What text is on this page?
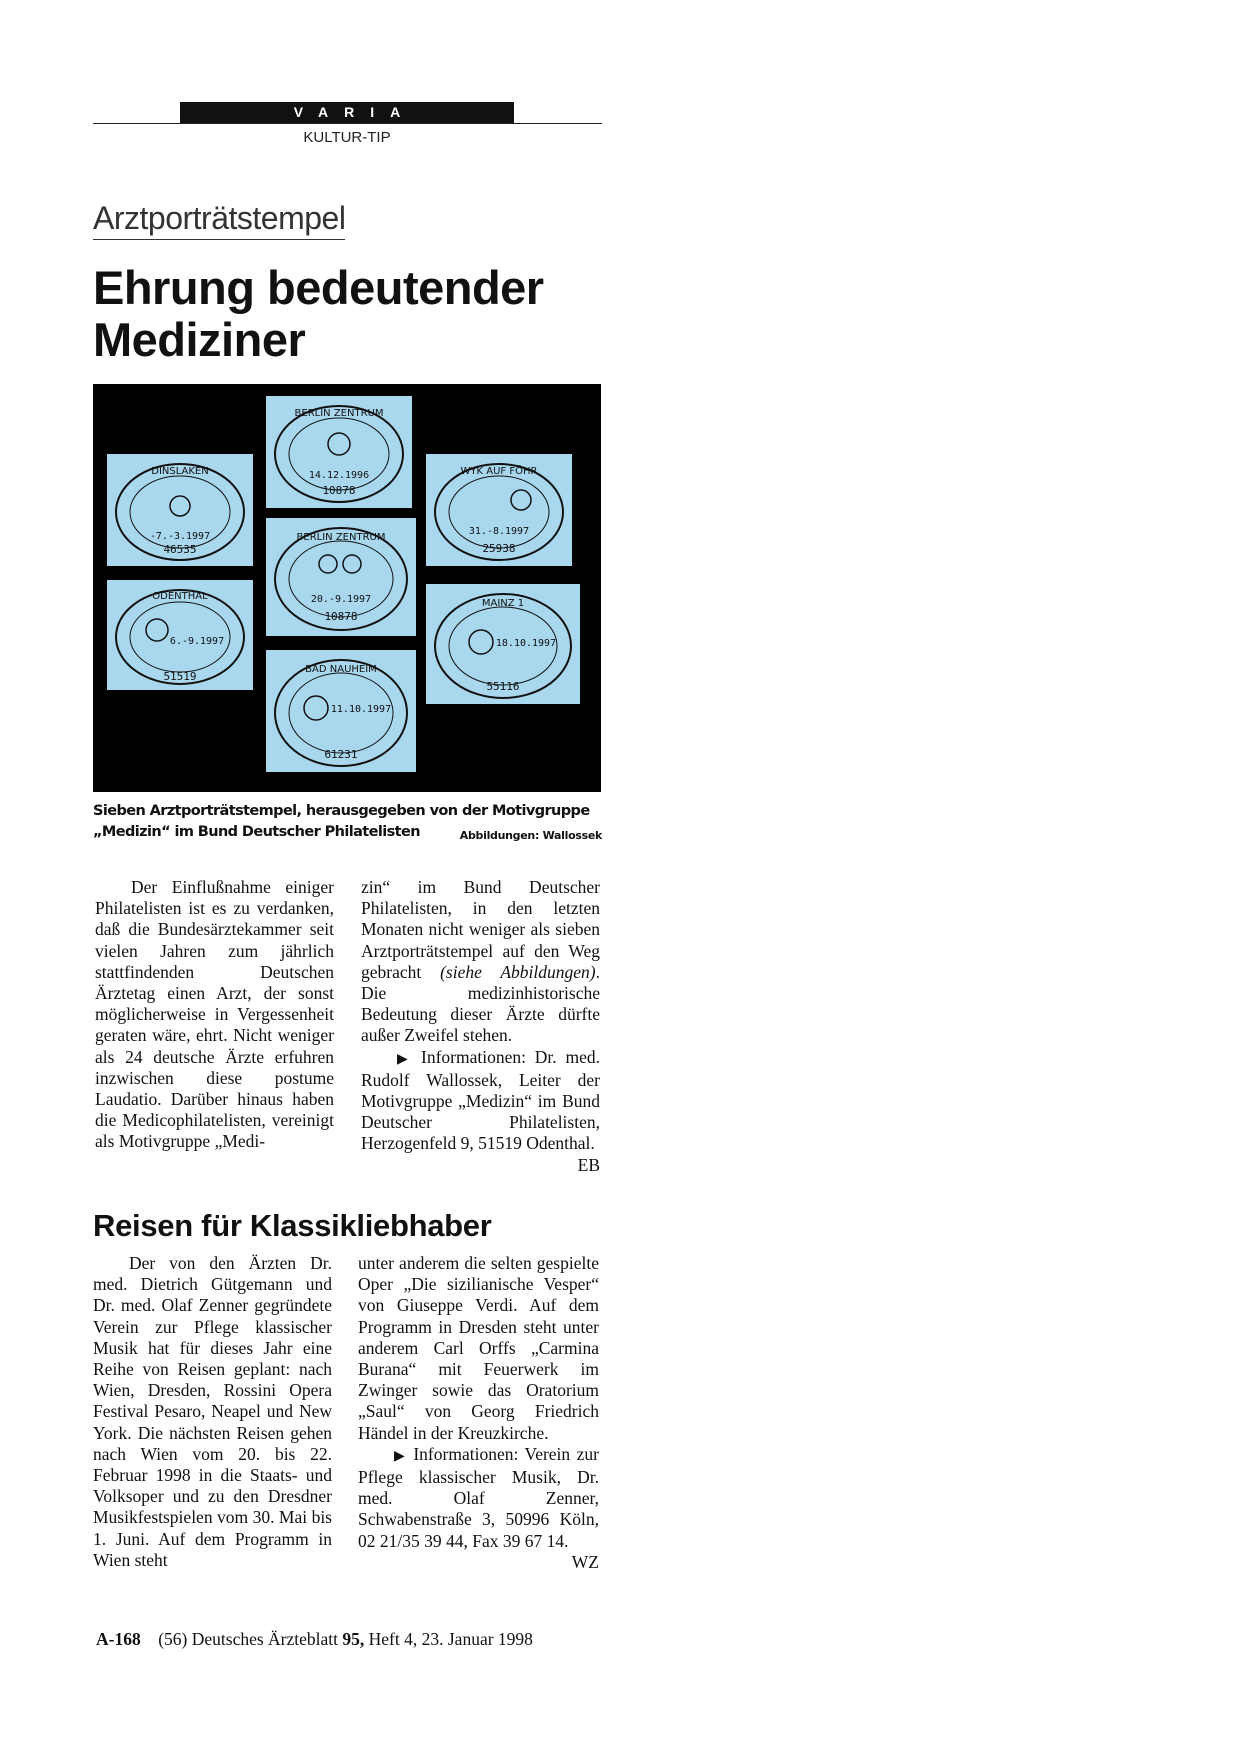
VARIA
KULTUR-TIP
Arztporträtstempel
Ehrung bedeutender Mediziner
DINSLAKEN
-7.-3.1997
46535
ODENTHAL
6.-9.1997
51519
BERLIN ZENTRUM
14.12.1996
10878
BERLIN ZENTRUM
20.-9.1997
10878
BAD NAUHEIM
11.10.1997
61231
WYK AUF FÖHR
31.-8.1997
25938
MAINZ 1
18.10.1997
55116
Sieben Arztporträtstempel, herausgegeben von der Motivgruppe „Medizin“ im Bund Deutscher Philatelisten	Abbildungen: Wallossek

Der Einflußnahme einiger Philatelisten ist es zu verdanken, daß die Bundesärztekammer seit vielen Jahren zum jährlich stattfindenden Deutschen Ärztetag einen Arzt, der sonst möglicherweise in Vergessenheit geraten wäre, ehrt. Nicht weniger als 24 deutsche Ärzte erfuhren inzwischen diese postume Laudatio. Darüber hinaus haben die Medicophilatelisten, vereinigt als Motivgruppe „Medi-

zin“ im Bund Deutscher Philatelisten, in den letzten Monaten nicht weniger als sieben Arztporträtstempel auf den Weg gebracht (siehe Abbildungen). Die medizinhistorische Bedeutung dieser Ärzte dürfte außer Zweifel stehen.

▶ Informationen: Dr. med. Rudolf Wallossek, Leiter der Motivgruppe „Medizin“ im Bund Deutscher Philatelisten, Herzogenfeld 9, 51519 Odenthal.
EB

Reisen für Klassikliebhaber

Der von den Ärzten Dr. med. Dietrich Gütgemann und Dr. med. Olaf Zenner gegründete Verein zur Pflege klassischer Musik hat für dieses Jahr eine Reihe von Reisen geplant: nach Wien, Dresden, Rossini Opera Festival Pesaro, Neapel und New York. Die nächsten Reisen gehen nach Wien vom 20. bis 22. Februar 1998 in die Staats- und Volksoper und zu den Dresdner Musikfestspielen vom 30. Mai bis 1. Juni. Auf dem Programm in Wien steht

unter anderem die selten gespielte Oper „Die sizilianische Vesper“ von Giuseppe Verdi. Auf dem Programm in Dresden steht unter anderem Carl Orffs „Carmina Burana“ mit Feuerwerk im Zwinger sowie das Oratorium „Saul“ von Georg Friedrich Händel in der Kreuzkirche.

▶ Informationen: Verein zur Pflege klassischer Musik, Dr. med. Olaf Zenner, Schwabenstraße 3, 50996 Köln, 02 21/35 39 44, Fax 39 67 14.
WZ

A-168 (56) Deutsches Ärzteblatt 95, Heft 4, 23. Januar 1998
